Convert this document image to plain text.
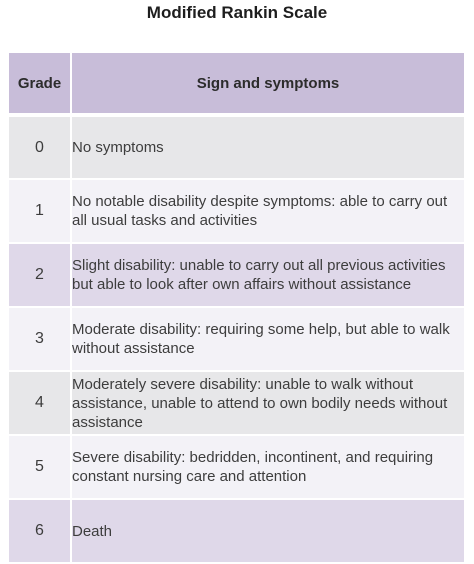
Modified Rankin Scale
Grade	Sign and symptoms
0	No symptoms
1	No notable disability despite symptoms: able to carry out all usual tasks and activities
2	Slight disability: unable to carry out all previous activities but able to look after own affairs without assistance
3	Moderate disability: requiring some help, but able to walk without assistance
4	Moderately severe disability: unable to walk without assistance, unable to attend to own bodily needs without assistance
5	Severe disability: bedridden, incontinent, and requiring constant nursing care and attention
6	Death
